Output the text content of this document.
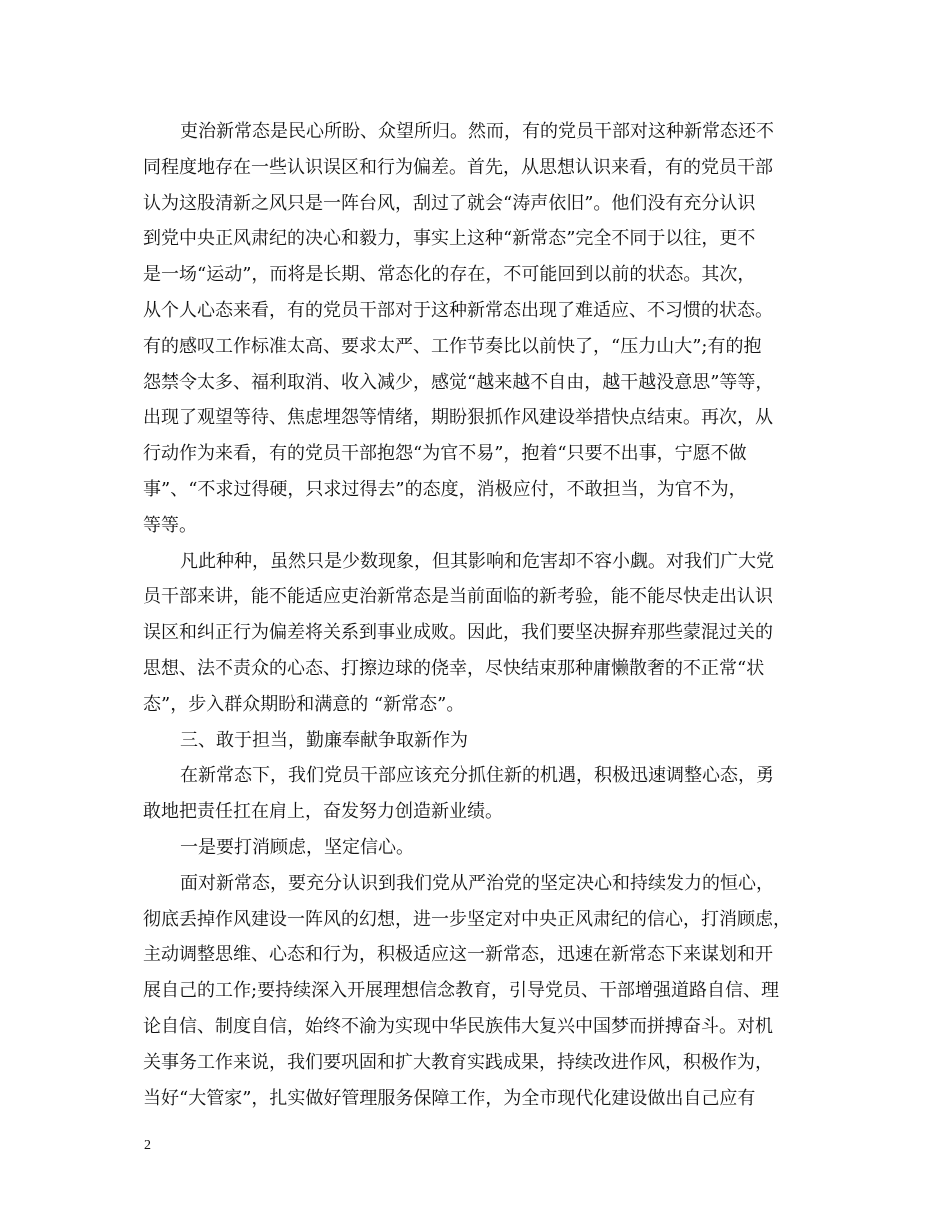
吏治新常态是民心所盼、众望所归。然而，有的党员干部对这种新常态还不
同程度地存在一些认识误区和行为偏差。首先，从思想认识来看，有的党员干部
认为这股清新之风只是一阵台风，刮过了就会“涛声依旧”。他们没有充分认识
到党中央正风肃纪的决心和毅力，事实上这种“新常态”完全不同于以往，更不
是一场“运动”，而将是长期、常态化的存在，不可能回到以前的状态。其次，
从个人心态来看，有的党员干部对于这种新常态出现了难适应、不习惯的状态。
有的感叹工作标准太高、要求太严、工作节奏比以前快了，“压力山大”;有的抱
怨禁令太多、福利取消、收入减少，感觉“越来越不自由，越干越没意思”等等，
出现了观望等待、焦虑埋怨等情绪，期盼狠抓作风建设举措快点结束。再次，从
行动作为来看，有的党员干部抱怨“为官不易”，抱着“只要不出事，宁愿不做
事”、“不求过得硬，只求过得去”的态度，消极应付，不敢担当，为官不为，
等等。
凡此种种，虽然只是少数现象，但其影响和危害却不容小觑。对我们广大党
员干部来讲，能不能适应吏治新常态是当前面临的新考验，能不能尽快走出认识
误区和纠正行为偏差将关系到事业成败。因此，我们要坚决摒弃那些蒙混过关的
思想、法不责众的心态、打擦边球的侥幸，尽快结束那种庸懒散奢的不正常“状
态”，步入群众期盼和满意的 “新常态”。
三、敢于担当，勤廉奉献争取新作为
在新常态下，我们党员干部应该充分抓住新的机遇，积极迅速调整心态，勇
敢地把责任扛在肩上，奋发努力创造新业绩。
一是要打消顾虑，坚定信心。
面对新常态，要充分认识到我们党从严治党的坚定决心和持续发力的恒心，
彻底丢掉作风建设一阵风的幻想，进一步坚定对中央正风肃纪的信心，打消顾虑，
主动调整思维、心态和行为，积极适应这一新常态，迅速在新常态下来谋划和开
展自己的工作;要持续深入开展理想信念教育，引导党员、干部增强道路自信、理
论自信、制度自信，始终不渝为实现中华民族伟大复兴中国梦而拼搏奋斗。对机
关事务工作来说，我们要巩固和扩大教育实践成果，持续改进作风，积极作为，
当好“大管家”，扎实做好管理服务保障工作，为全市现代化建设做出自己应有
2
